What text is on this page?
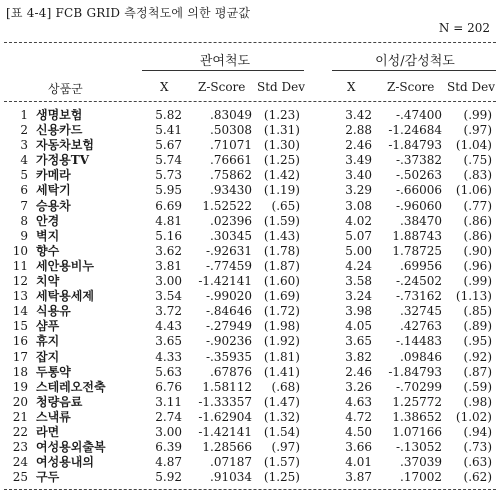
[표 4-4] FCB GRID 측정척도에 의한 평균값
N = 202
관여척도	이성/감성척도
상품군	X Z-Score Std Dev	X	Z-Score Std Dev
1 생명보험	5.82	.83049 (1.23)	3.42	-.47400	(.99)
2 신용카드	5.41	.50308 (1.31)	2.88	-1.24684	(.97)
3 자동차보험	5.67	.71071 (1.30)	2.46	-1.84793	(1.04)
4 가정용TV	5.74	.76661 (1.25)	3.49	-.37382	(.75)
5 카메라	5.73	.75862 (1.42)	3.40	-.50263	(.83)
6 세탁기	5.95	.93430 (1.19)	3.29	-.66006	(1.06)
7 승용차	6.69	1.52522	(.65)	3.08	-.96060	(.77)
8 안경	4.81	.02396 (1.59)	4.02	.38470	(.86)
9 벽지	5.16	.30345 (1.43)	5.07	1.88743	(.86)
10 향수	3.62	-.92631 (1.78)	5.00	1.78725	(.90)
11 세안용비누	3.81	-.77459 (1.87)	4.24	.69956	(.96)
12 치약	3.00	-1.42141 (1.60)	3.58	-.24502	(.99)
13 세탁용세제	3.54	-.99020 (1.69)	3.24	-.73162	(1.13)
14 식용유	3.72	-.84646 (1.72)	3.98	.32745	(.85)
15 샴푸	4.43	-.27949 (1.98)	4.05	.42763	(.89)
16 휴지	3.65	-.90236 (1.92)	3.65	-.14483	(.95)
17 잡지	4.33	-.35935 (1.81)	3.82	.09846	(.92)
18 두통약	5.63	.67876 (1.41)	2.46	-1.84793	(.87)
19 스테레오전축	6.76	1.58112	(.68)	3.26	-.70299	(.59)
20 청량음료	3.11	-1.33357 (1.47)	4.63	1.25772	(.98)
21 스낵류	2.74	-1.62904 (1.32)	4.72	1.38652	(1.02)
22 라면	3.00	-1.42141 (1.54)	4.50	1.07166	(.94)
23 여성용외출복	6.39	1.28566	(.97)	3.66	-.13052	(.73)
24 여성용내의	4.87	.07187 (1.57)	4.01	.37039	(.63)
25 구두	5.92	.91034 (1.25)	3.87	.17002	(.62)
